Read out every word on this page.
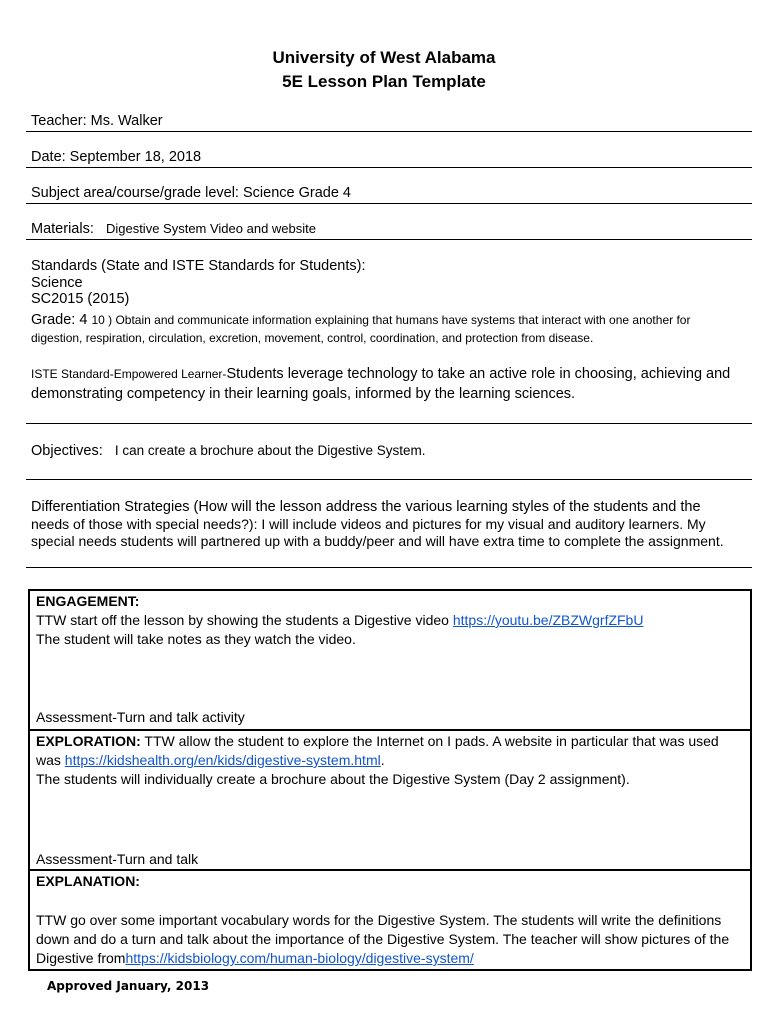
University of West Alabama
5E Lesson Plan Template
Teacher: Ms. Walker
Date: September 18, 2018
Subject area/course/grade level: Science Grade 4
Materials: Digestive System Video and website
Standards (State and ISTE Standards for Students):
Science
SC2015 (2015)
Grade: 4 10 ) Obtain and communicate information explaining that humans have systems that interact with one another for
digestion, respiration, circulation, excretion, movement, control, coordination, and protection from disease.
ISTE Standard-Empowered Learner-Students leverage technology to take an active role in choosing, achieving and
demonstrating competency in their learning goals, informed by the learning sciences.
Objectives: I can create a brochure about the Digestive System.
Differentiation Strategies (How will the lesson address the various learning styles of the students and the
needs of those with special needs?): I will include videos and pictures for my visual and auditory learners. My
special needs students will partnered up with a buddy/peer and will have extra time to complete the assignment.
ENGAGEMENT:
TTW start off the lesson by showing the students a Digestive video https://youtu.be/ZBZWgrfZFbU
The student will take notes as they watch the video.
Assessment-Turn and talk activity
EXPLORATION: TTW allow the student to explore the Internet on I pads. A website in particular that was used
was https://kidshealth.org/en/kids/digestive-system.html.
The students will individually create a brochure about the Digestive System (Day 2 assignment).
Assessment-Turn and talk
EXPLANATION:
TTW go over some important vocabulary words for the Digestive System. The students will write the definitions
down and do a turn and talk about the importance of the Digestive System. The teacher will show pictures of the
Digestive fromhttps://kidsbiology.com/human-biology/digestive-system/
Approved January, 2013
